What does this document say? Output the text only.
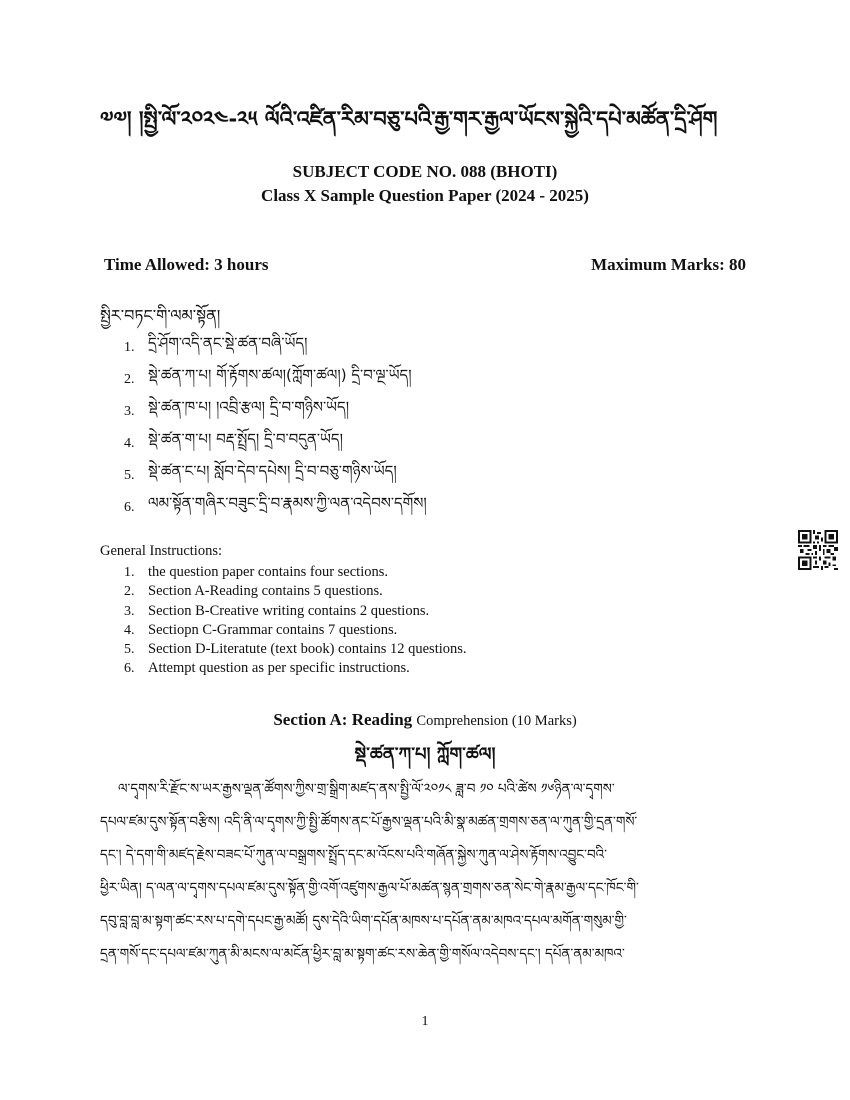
༧༧། །སྤྱི་ལོ་༢༠༢༤-༢༥ ལོའི་འཛིན་རིམ་བཅུ་པའི་རྒྱ་གར་རྒྱལ་ཡོངས་སྐྱེའི་དཔེ་མཚོན་དྲི་ཤོག
SUBJECT CODE NO. 088 (BHOTI)
Class X Sample Question Paper (2024 - 2025)
Time Allowed: 3 hours	Maximum Marks: 80
སྤྱིར་བཏང་གི་ལམ་སྟོན།
1. དྲི་ཤོག་འདི་ནང་སྡེ་ཚན་བཞི་ཡོད།
2. སྡེ་ཚན་ཀ་པ། གོ་རྟོགས་ཚལ།(ཀློག་ཚལ།) དྲི་བ་ལྔ་ཡོད།
3. སྡེ་ཚན་ཁ་པ། །འབྲི་རྩལ། དྲི་བ་གཉིས་ཡོད།
4. སྡེ་ཚན་ག་པ། བརྡ་སྤྲོད། དྲི་བ་བདུན་ཡོད།
5. སྡེ་ཚན་ང་པ། སློབ་དེབ་དཔེས། དྲི་བ་བཅུ་གཉིས་ཡོད།
6. ལམ་སྟོན་གཞིར་བཟུང་དྲི་བ་རྣམས་ཀྱི་ལན་འདེབས་དགོས།
General Instructions:
1. the question paper contains four sections.
2. Section A-Reading contains 5 questions.
3. Section B-Creative writing contains 2 questions.
4. Sectiopn C-Grammar contains 7 questions.
5. Section D-Literatute (text book) contains 12 questions.
6. Attempt question as per specific instructions.
Section A: Reading Comprehension (10 Marks)
སྡེ་ཚན་ཀ་པ། ཀློག་ཚལ།
ལ་དྭགས་རི་རྫོང་ས་ཡར་རྒྱས་ལྡན་ཚོགས་ཀྱིས་གྲ་སྒྲིག་མཛད་ནས་སྤྱི་ལོ་༢༠༡༨ ཟླ་བ ༡༠ པའི་ཚེས ༡༦ཉིན་ལ་དྭགས་
དཔལ་ཛམ་དུས་སྟོན་བརྩིས། འདི་ནི་ལ་དྭགས་ཀྱི་སྤྱི་ཚོགས་ནང་པོ་རྒྱས་ལྡན་པའི་མི་སྣ་མཚན་གྲགས་ཅན་ལ་ཀུན་གྱི་དྲན་གསོ་
དང་། དེ་དག་གི་མཛད་རྗེས་བཟང་པོ་ཀུན་ལ་བསྒྲགས་སྤྲོད་དང་མ་འོངས་པའི་གཞོན་སྐྱེས་ཀུན་ལ་ཤེས་རྟོགས་འབྱུང་བའི་
ཕྱིར་ཡིན། ད་ལན་ལ་དྭགས་དཔལ་ཛམ་དུས་སྟོན་གྱི་འགོ་འཛུགས་རྒྱལ་པོ་མཚན་སྙན་གྲགས་ཅན་སེང་གེ་རྣམ་རྒྱལ་དང་ཁོང་གི་
དབུ་བླ་བླ་མ་སྟག་ཚང་རས་པ་དགེ་དཔང་རྒྱ་མཚོ། དུས་དེའི་ཡིག་དཔོན་མཁས་པ་དཔོན་ནམ་མཁའ་དཔལ་མགོན་གསུམ་གྱི་
དྲན་གསོ་དང་དཔལ་ཛམ་ཀུན་མི་མངས་ལ་མངོན་ཕྱིར་བླ་མ་སྟག་ཚང་རས་ཆེན་གྱི་གསོལ་འདེབས་དང་། དཔོན་ནམ་མཁའ་
1
